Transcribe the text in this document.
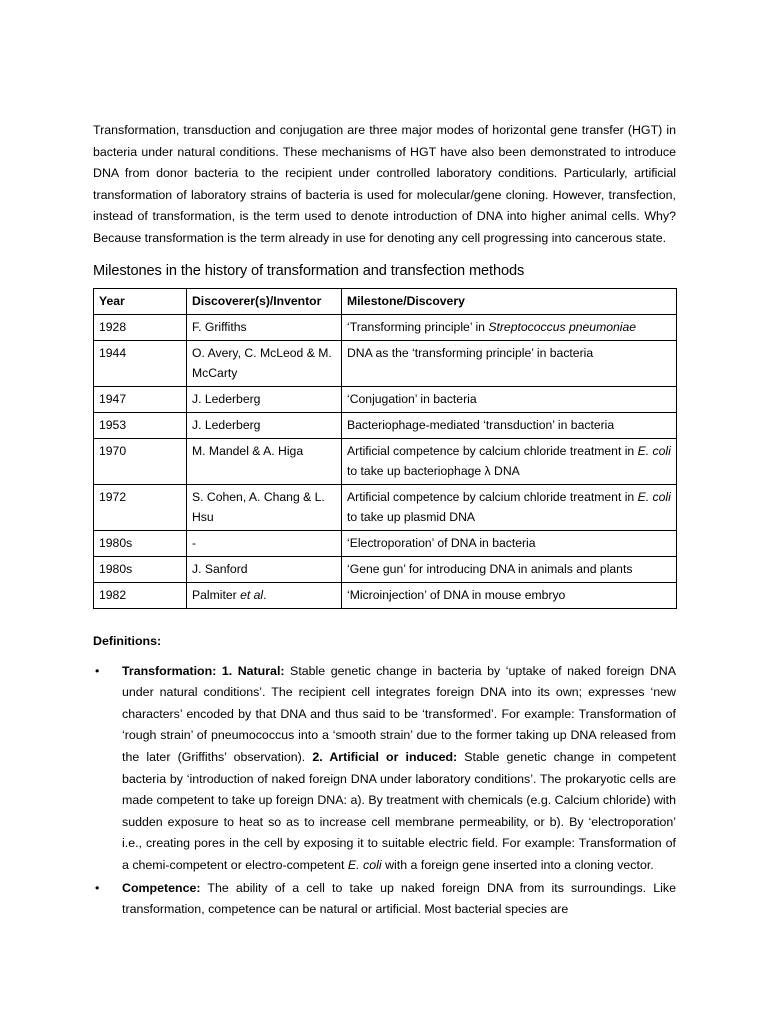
Transformation, transduction and conjugation are three major modes of horizontal gene transfer (HGT) in bacteria under natural conditions. These mechanisms of HGT have also been demonstrated to introduce DNA from donor bacteria to the recipient under controlled laboratory conditions. Particularly, artificial transformation of laboratory strains of bacteria is used for molecular/gene cloning. However, transfection, instead of transformation, is the term used to denote introduction of DNA into higher animal cells. Why? Because transformation is the term already in use for denoting any cell progressing into cancerous state.

Milestones in the history of transformation and transfection methods
Year	Discoverer(s)/Inventor	Milestone/Discovery
1928	F. Griffiths	‘Transforming principle’ in Streptococcus pneumoniae
1944	O. Avery, C. McLeod & M. McCarty	DNA as the ‘transforming principle’ in bacteria
1947	J. Lederberg	‘Conjugation’ in bacteria
1953	J. Lederberg	Bacteriophage-mediated ‘transduction’ in bacteria
1970	M. Mandel & A. Higa	Artificial competence by calcium chloride treatment in E. coli to take up bacteriophage λ DNA
1972	S. Cohen, A. Chang & L. Hsu	Artificial competence by calcium chloride treatment in E. coli to take up plasmid DNA
1980s	-	‘Electroporation’ of DNA in bacteria
1980s	J. Sanford	‘Gene gun’ for introducing DNA in animals and plants
1982	Palmiter et al.	‘Microinjection’ of DNA in mouse embryo

Definitions:

• Transformation: 1. Natural: Stable genetic change in bacteria by ‘uptake of naked foreign DNA under natural conditions’. The recipient cell integrates foreign DNA into its own; expresses ‘new characters’ encoded by that DNA and thus said to be ‘transformed’. For example: Transformation of ‘rough strain’ of pneumococcus into a ‘smooth strain’ due to the former taking up DNA released from the later (Griffiths’ observation). 2. Artificial or induced: Stable genetic change in competent bacteria by ‘introduction of naked foreign DNA under laboratory conditions’. The prokaryotic cells are made competent to take up foreign DNA: a). By treatment with chemicals (e.g. Calcium chloride) with sudden exposure to heat so as to increase cell membrane permeability, or b). By ‘electroporation’ i.e., creating pores in the cell by exposing it to suitable electric field. For example: Transformation of a chemi-competent or electro-competent E. coli with a foreign gene inserted into a cloning vector.

• Competence: The ability of a cell to take up naked foreign DNA from its surroundings. Like transformation, competence can be natural or artificial. Most bacterial species are
